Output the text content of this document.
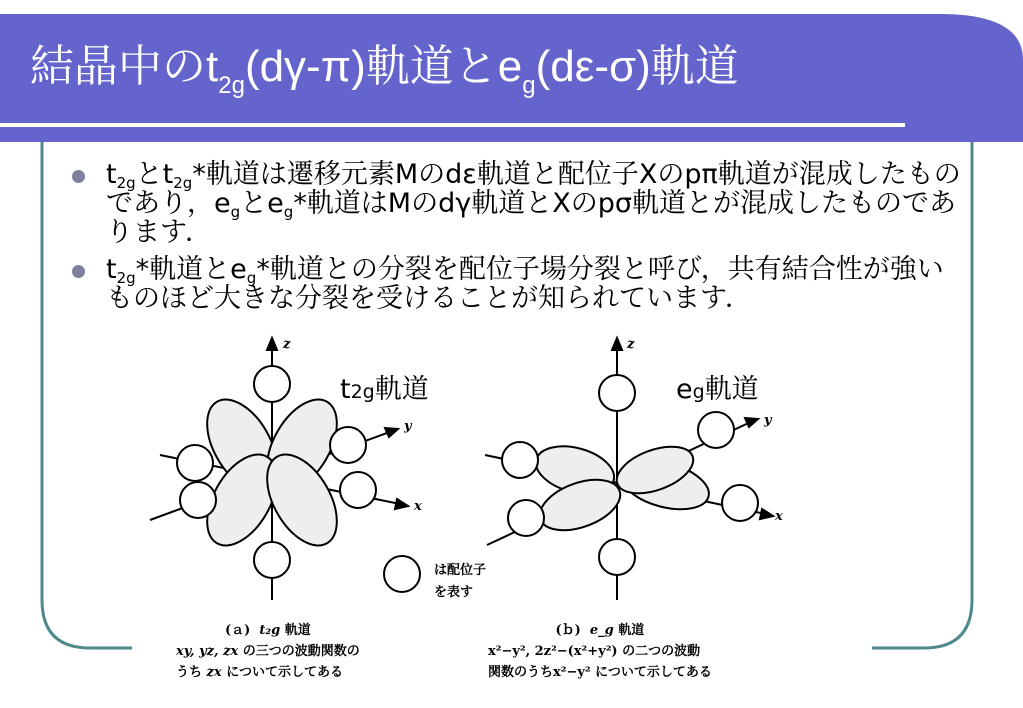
z
y
x
z
y
x
結晶中の$t_{2g}(d\gamma-\pi)$軌道と$e_g(d\varepsilon-\sigma)$軌道
$t_{2g}$と$t_{2g}*$軌道は遷移元素Mのdε軌道と配位子Xのpπ軌道が混成したものであり，$e_g$と$e_g*$軌道はMのdγ軌道とXのpσ軌道とが混成したものであります．
$t_{2g}*$軌道と$e_g*$軌道との分裂を配位子場分裂と呼び，共有結合性が強いものほど大きな分裂を受けることが知られています．
t2g軌道	eg軌道
は配位子
を表す
(ａ) t₂g 軌道
xy, yz, zx の三つの波動関数の
うち zx について示してある
(ｂ) e_g 軌道
x²−y², 2z²−(x²+y²) の二つの波動
関数のうちx²−y² について示してある
